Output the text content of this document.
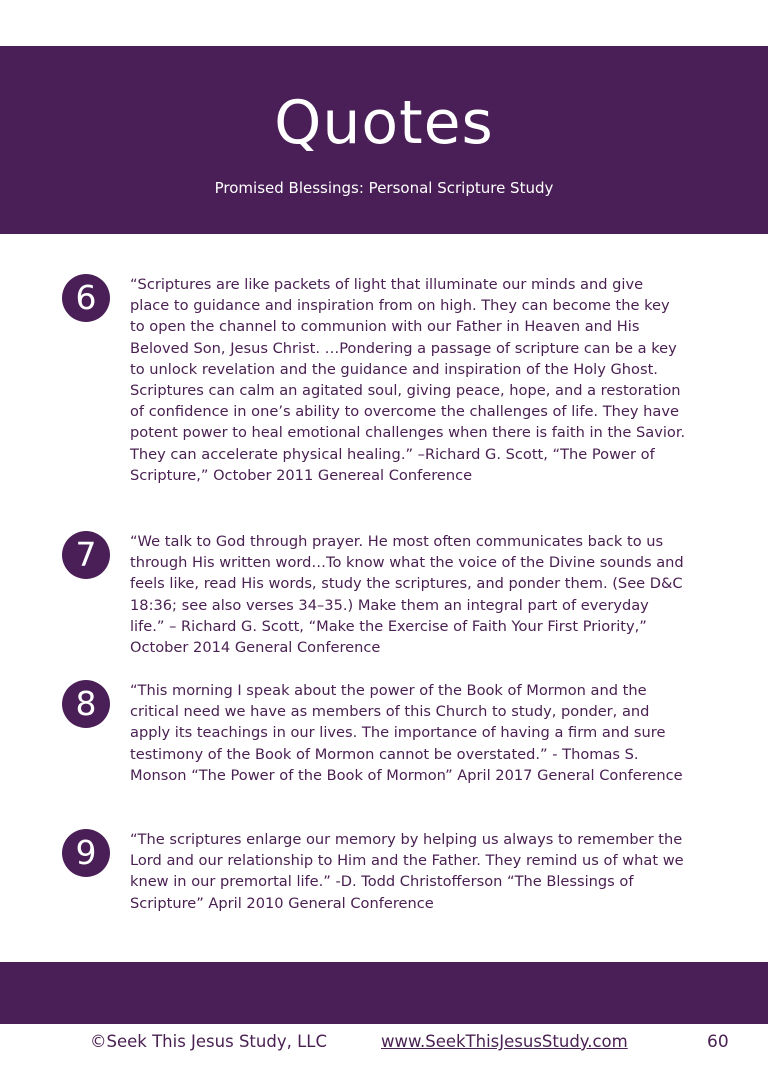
Quotes
Promised Blessings: Personal Scripture Study
6	“Scriptures are like packets of light that illuminate our minds and give place to guidance and inspiration from on high. They can become the key to open the channel to communion with our Father in Heaven and His Beloved Son, Jesus Christ. …Pondering a passage of scripture can be a key to unlock revelation and the guidance and inspiration of the Holy Ghost. Scriptures can calm an agitated soul, giving peace, hope, and a restoration of confidence in one’s ability to overcome the challenges of life. They have potent power to heal emotional challenges when there is faith in the Savior. They can accelerate physical healing.” –Richard G. Scott, “The Power of Scripture,” October 2011 Genereal Conference
7	“We talk to God through prayer. He most often communicates back to us through His written word…To know what the voice of the Divine sounds and feels like, read His words, study the scriptures, and ponder them. (See D&C 18:36; see also verses 34–35.) Make them an integral part of everyday life.” – Richard G. Scott, “Make the Exercise of Faith Your First Priority,” October 2014 General Conference
8	“This morning I speak about the power of the Book of Mormon and the critical need we have as members of this Church to study, ponder, and apply its teachings in our lives. The importance of having a firm and sure testimony of the Book of Mormon cannot be overstated.” - Thomas S. Monson “The Power of the Book of Mormon” April 2017 General Conference
9	“The scriptures enlarge our memory by helping us always to remember the Lord and our relationship to Him and the Father. They remind us of what we knew in our premortal life.” -D. Todd Christofferson “The Blessings of Scripture” April 2010 General Conference
©Seek This Jesus Study, LLC	www.SeekThisJesusStudy.com	60
